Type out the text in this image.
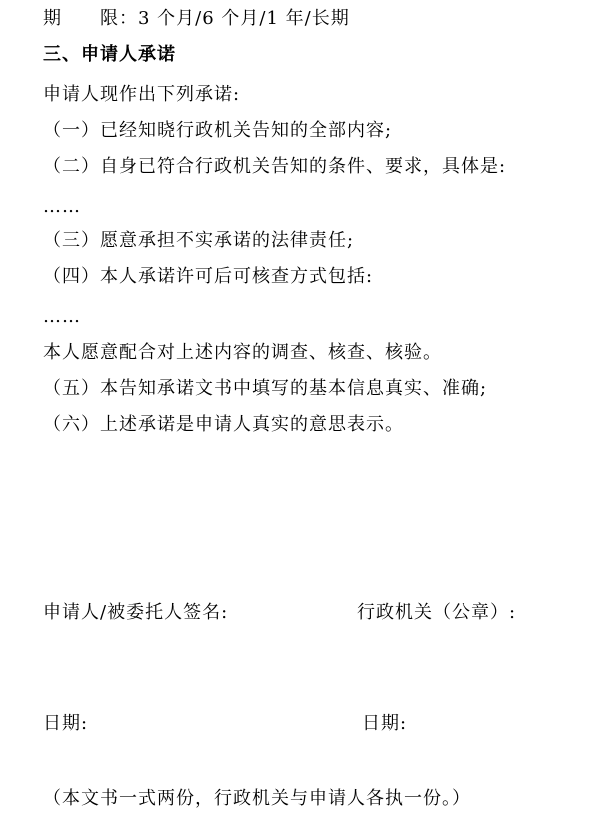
期　　限：3 个月/6 个月/1 年/长期
三、申请人承诺
申请人现作出下列承诺:
（一）已经知晓行政机关告知的全部内容;
（二）自身已符合行政机关告知的条件、要求，具体是:
……
（三）愿意承担不实承诺的法律责任;
（四）本人承诺许可后可核查方式包括:
……
本人愿意配合对上述内容的调查、核查、核验。
（五）本告知承诺文书中填写的基本信息真实、准确;
（六）上述承诺是申请人真实的意思表示。
申请人/被委托人签名:	行政机关（公章）:
日期:	日期:
（本文书一式两份，行政机关与申请人各执一份。）
